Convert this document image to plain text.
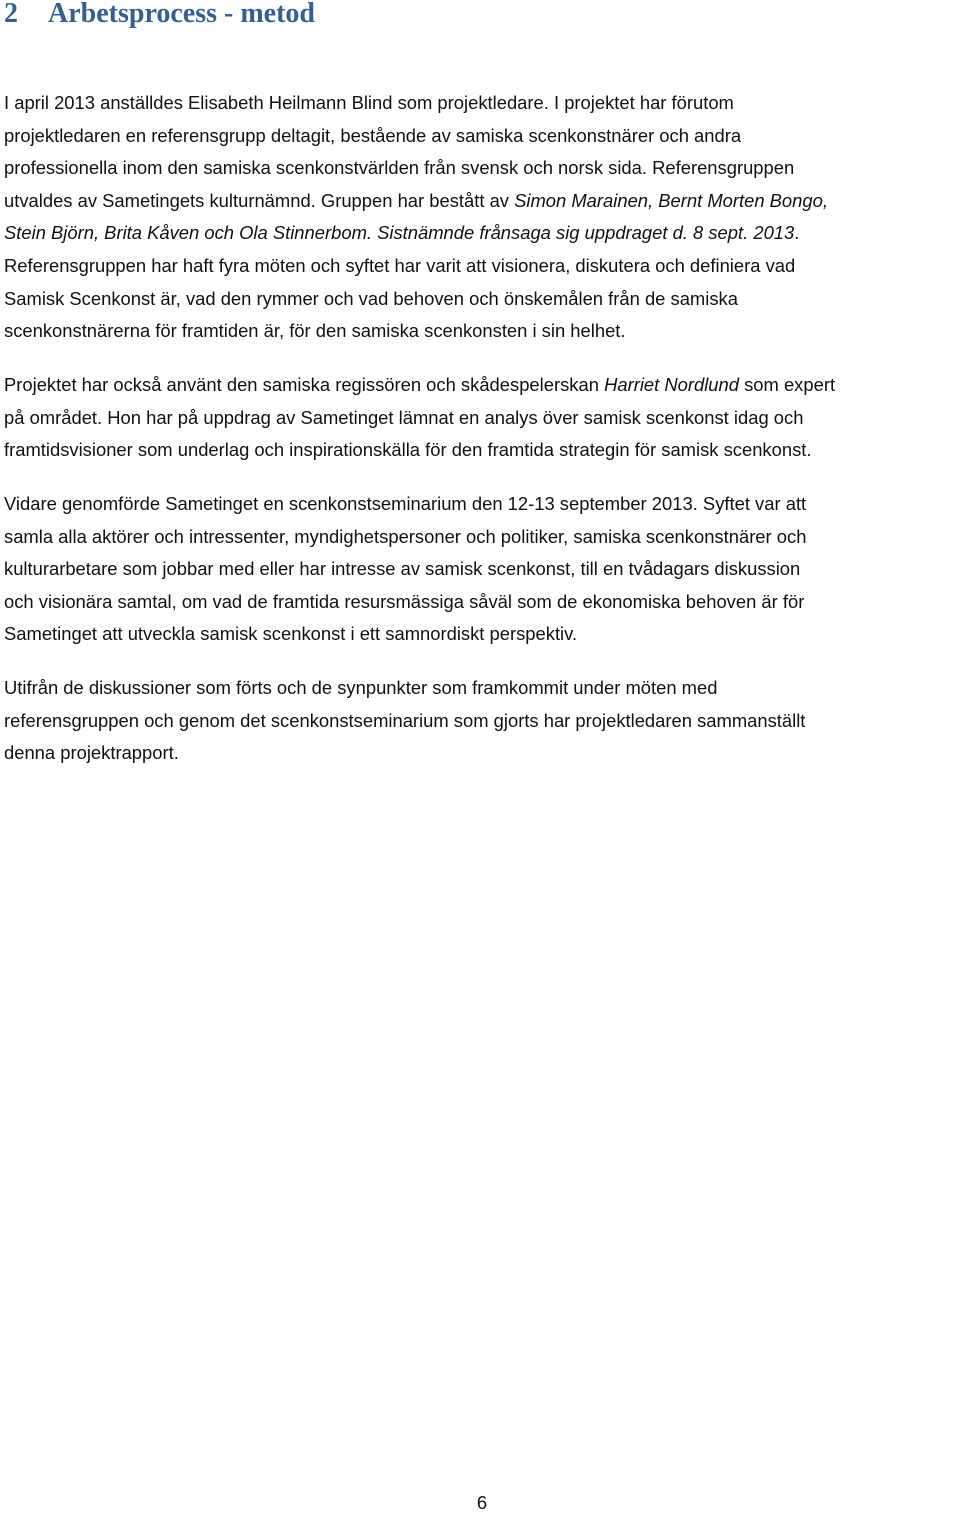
2 Arbetsprocess - metod

I april 2013 anställdes Elisabeth Heilmann Blind som projektledare. I projektet har förutom
projektledaren en referensgrupp deltagit, bestående av samiska scenkonstnärer och andra
professionella inom den samiska scenkonstvärlden från svensk och norsk sida. Referensgruppen
utvaldes av Sametingets kulturnämnd. Gruppen har bestått av Simon Marainen, Bernt Morten Bongo,
Stein Björn, Brita Kåven och Ola Stinnerbom. Sistnämnde frånsaga sig uppdraget d. 8 sept. 2013.
Referensgruppen har haft fyra möten och syftet har varit att visionera, diskutera och definiera vad
Samisk Scenkonst är, vad den rymmer och vad behoven och önskemålen från de samiska
scenkonstnärerna för framtiden är, för den samiska scenkonsten i sin helhet.

Projektet har också använt den samiska regissören och skådespelerskan Harriet Nordlund som expert
på området. Hon har på uppdrag av Sametinget lämnat en analys över samisk scenkonst idag och
framtidsvisioner som underlag och inspirationskälla för den framtida strategin för samisk scenkonst.

Vidare genomförde Sametinget en scenkonstseminarium den 12-13 september 2013. Syftet var att
samla alla aktörer och intressenter, myndighetspersoner och politiker, samiska scenkonstnärer och
kulturarbetare som jobbar med eller har intresse av samisk scenkonst, till en tvådagars diskussion
och visionära samtal, om vad de framtida resursmässiga såväl som de ekonomiska behoven är för
Sametinget att utveckla samisk scenkonst i ett samnordiskt perspektiv.

Utifrån de diskussioner som förts och de synpunkter som framkommit under möten med
referensgruppen och genom det scenkonstseminarium som gjorts har projektledaren sammanställt
denna projektrapport.

6
